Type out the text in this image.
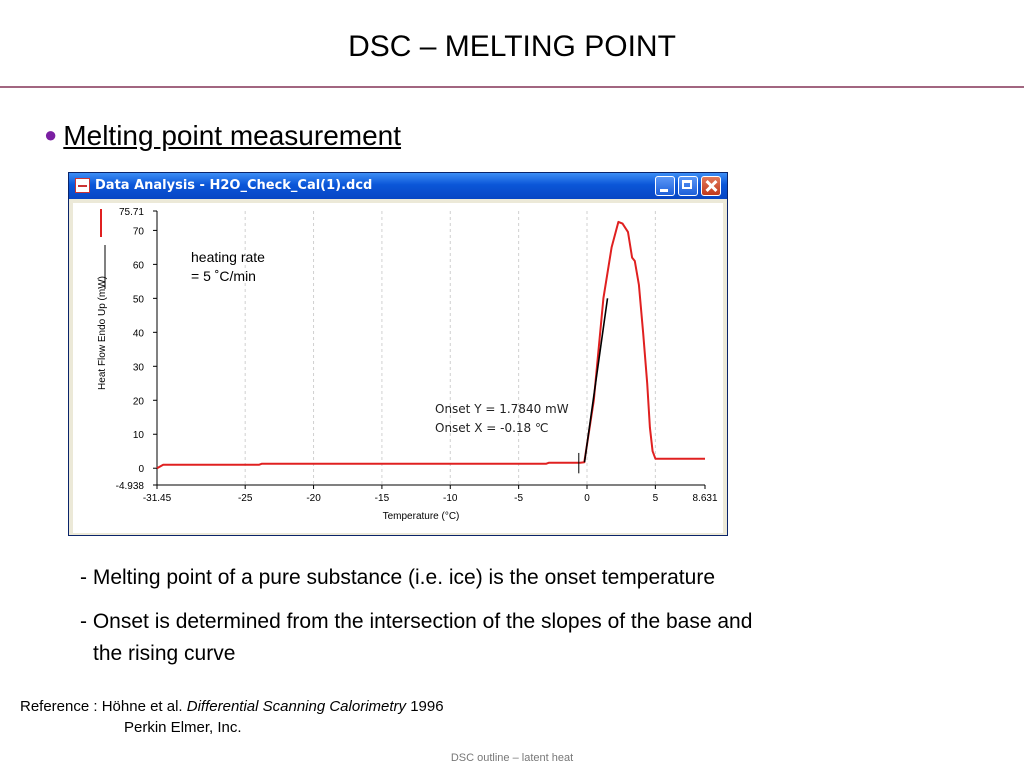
DSC – MELTING POINT
● Melting point measurement
Data Analysis - H2O_Check_Cal(1).dcd
-31.45	-25	-20	-15	-10	-5	0	5	8.631
75.71
70
60
50
40
30
20
10
0
-4.938
Temperature (°C)
Heat Flow Endo Up (mW)
heating rate
= 5 ˚C/min
Onset Y = 1.7840 mW
Onset X = -0.18 ℃
- Melting point of a pure substance (i.e. ice) is the onset temperature
- Onset is determined from the intersection of the slopes of the base and
the rising curve
Reference : Höhne et al. Differential Scanning Calorimetry 1996
Perkin Elmer, Inc.
DSC outline – latent heat
